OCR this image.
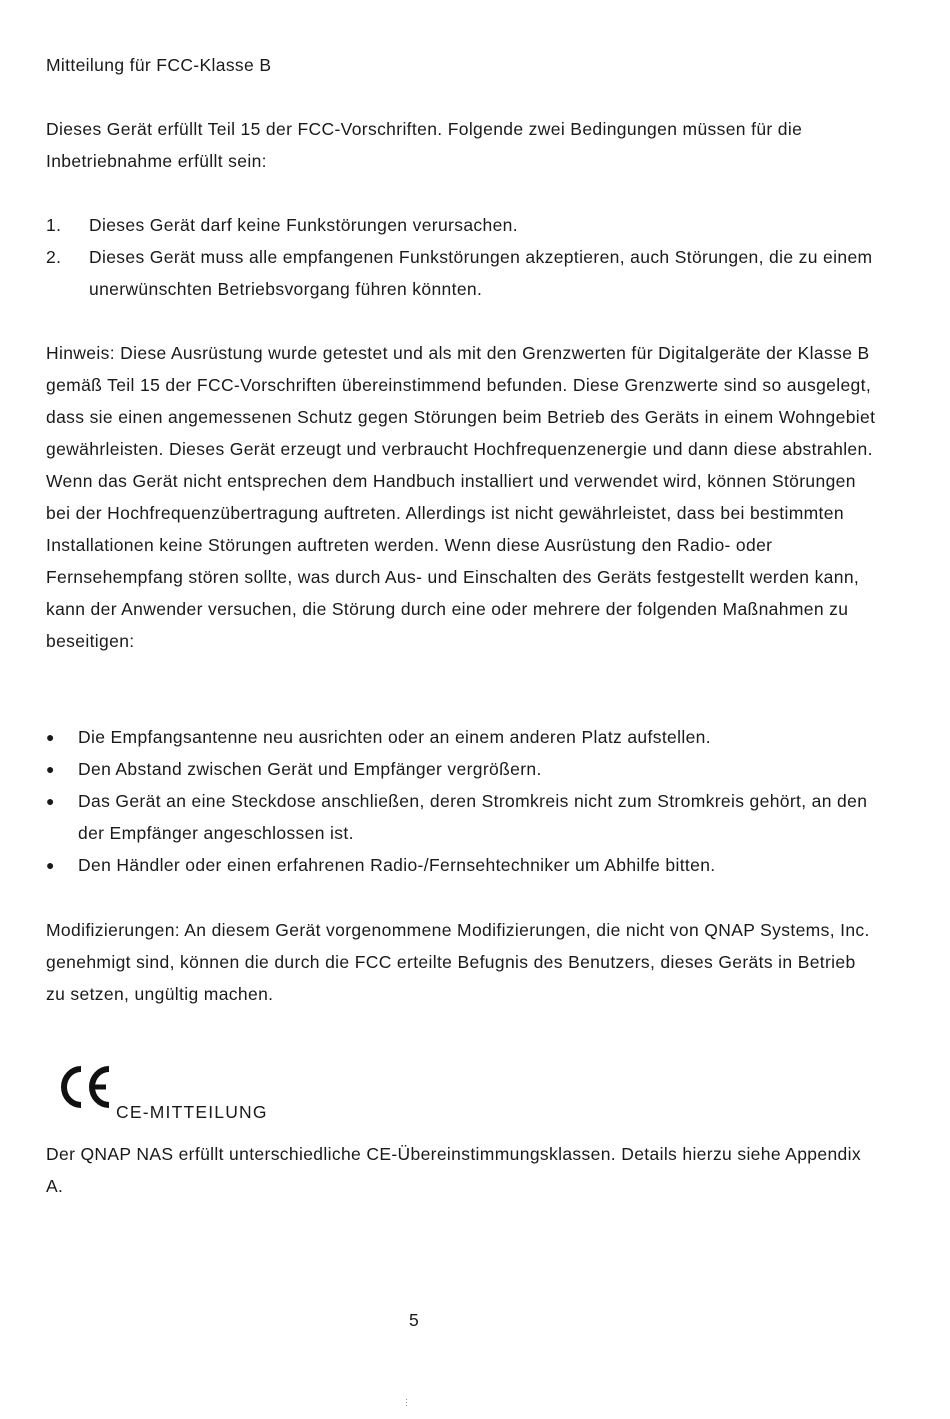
Mitteilung für FCC-Klasse B

Dieses Gerät erfüllt Teil 15 der FCC-Vorschriften. Folgende zwei Bedingungen müssen für die Inbetriebnahme erfüllt sein:

1.	Dieses Gerät darf keine Funkstörungen verursachen.
2.	Dieses Gerät muss alle empfangenen Funkstörungen akzeptieren, auch Störungen, die zu einem unerwünschten Betriebsvorgang führen könnten.

Hinweis: Diese Ausrüstung wurde getestet und als mit den Grenzwerten für Digitalgeräte der Klasse B gemäß Teil 15 der FCC-Vorschriften übereinstimmend befunden. Diese Grenzwerte sind so ausgelegt, dass sie einen angemessenen Schutz gegen Störungen beim Betrieb des Geräts in einem Wohngebiet gewährleisten. Dieses Gerät erzeugt und verbraucht Hochfrequenzenergie und dann diese abstrahlen. Wenn das Gerät nicht entsprechen dem Handbuch installiert und verwendet wird, können Störungen bei der Hochfrequenzübertragung auftreten. Allerdings ist nicht gewährleistet, dass bei bestimmten Installationen keine Störungen auftreten werden. Wenn diese Ausrüstung den Radio- oder Fernsehempfang stören sollte, was durch Aus- und Einschalten des Geräts festgestellt werden kann, kann der Anwender versuchen, die Störung durch eine oder mehrere der folgenden Maßnahmen zu beseitigen:

●	Die Empfangsantenne neu ausrichten oder an einem anderen Platz aufstellen.
●	Den Abstand zwischen Gerät und Empfänger vergrößern.
●	Das Gerät an eine Steckdose anschließen, deren Stromkreis nicht zum Stromkreis gehört, an den der Empfänger angeschlossen ist.
●	Den Händler oder einen erfahrenen Radio-/Fernsehtechniker um Abhilfe bitten.

Modifizierungen: An diesem Gerät vorgenommene Modifizierungen, die nicht von QNAP Systems, Inc. genehmigt sind, können die durch die FCC erteilte Befugnis des Benutzers, dieses Geräts in Betrieb zu setzen, ungültig machen.

CE-MITTEILUNG

Der QNAP NAS erfüllt unterschiedliche CE-Übereinstimmungsklassen. Details hierzu siehe Appendix A.

5
